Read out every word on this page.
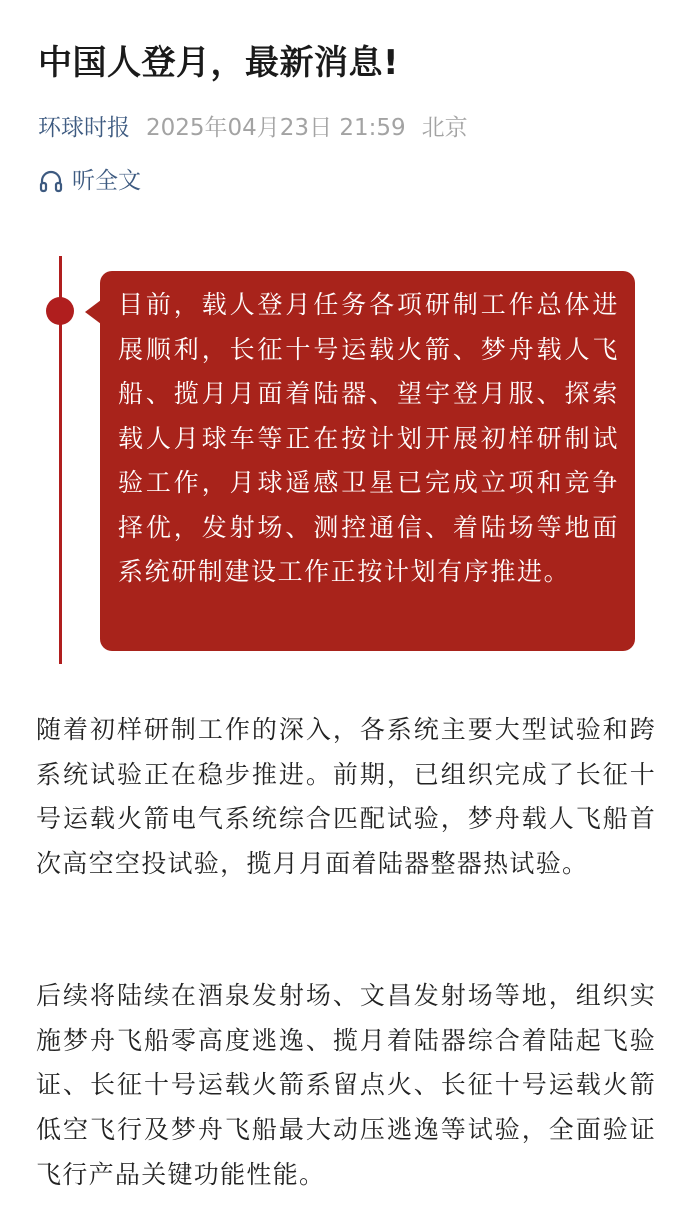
中国人登月，最新消息!
环球时报 2025年04月23日 21:59 北京
听全文
目前，载人登月任务各项研制工作总体进展顺利，长征十号运载火箭、梦舟载人飞船、揽月月面着陆器、望宇登月服、探索载人月球车等正在按计划开展初样研制试验工作，月球遥感卫星已完成立项和竞争择优，发射场、测控通信、着陆场等地面系统研制建设工作正按计划有序推进。
随着初样研制工作的深入，各系统主要大型试验和跨系统试验正在稳步推进。前期，已组织完成了长征十号运载火箭电气系统综合匹配试验，梦舟载人飞船首次高空空投试验，揽月月面着陆器整器热试验。
后续将陆续在酒泉发射场、文昌发射场等地，组织实施梦舟飞船零高度逃逸、揽月着陆器综合着陆起飞验证、长征十号运载火箭系留点火、长征十号运载火箭低空飞行及梦舟飞船最大动压逃逸等试验，全面验证飞行产品关键功能性能。
